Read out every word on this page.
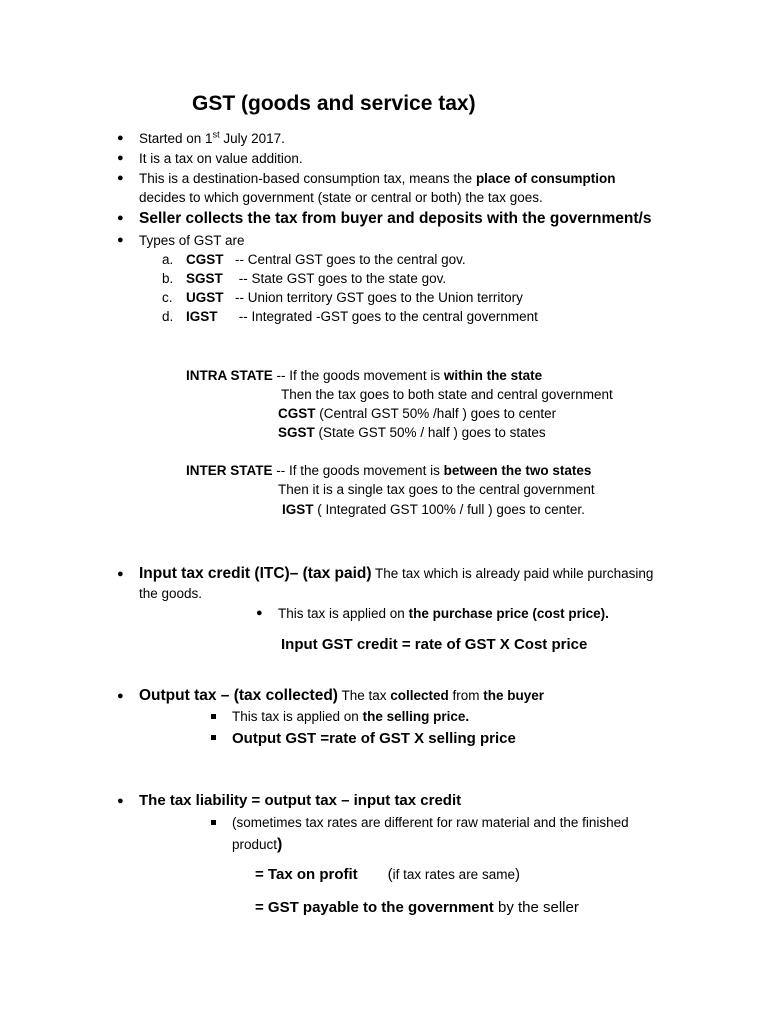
GST (goods and service tax)
● Started on 1st July 2017.
● It is a tax on value addition.
● This is a destination-based consumption tax, means the place of consumption
decides to which government (state or central or both) the tax goes.
● Seller collects the tax from buyer and deposits with the government/s
● Types of GST are
a. CGST -- Central GST goes to the central gov.
b. SGST -- State GST goes to the state gov.
c. UGST -- Union territory GST goes to the Union territory
d. IGST -- Integrated -GST goes to the central government
INTRA STATE -- If the goods movement is within the state
Then the tax goes to both state and central government
CGST (Central GST 50% /half ) goes to center
SGST (State GST 50% / half ) goes to states
INTER STATE -- If the goods movement is between the two states
Then it is a single tax goes to the central government
IGST ( Integrated GST 100% / full ) goes to center.
● Input tax credit (ITC)– (tax paid) The tax which is already paid while purchasing
the goods.
● This tax is applied on the purchase price (cost price).
Input GST credit = rate of GST X Cost price
● Output tax – (tax collected) The tax collected from the buyer
This tax is applied on the selling price.
Output GST =rate of GST X selling price
● The tax liability = output tax – input tax credit
(sometimes tax rates are different for raw material and the finished
product)
= Tax on profit (if tax rates are same)
= GST payable to the government by the seller
